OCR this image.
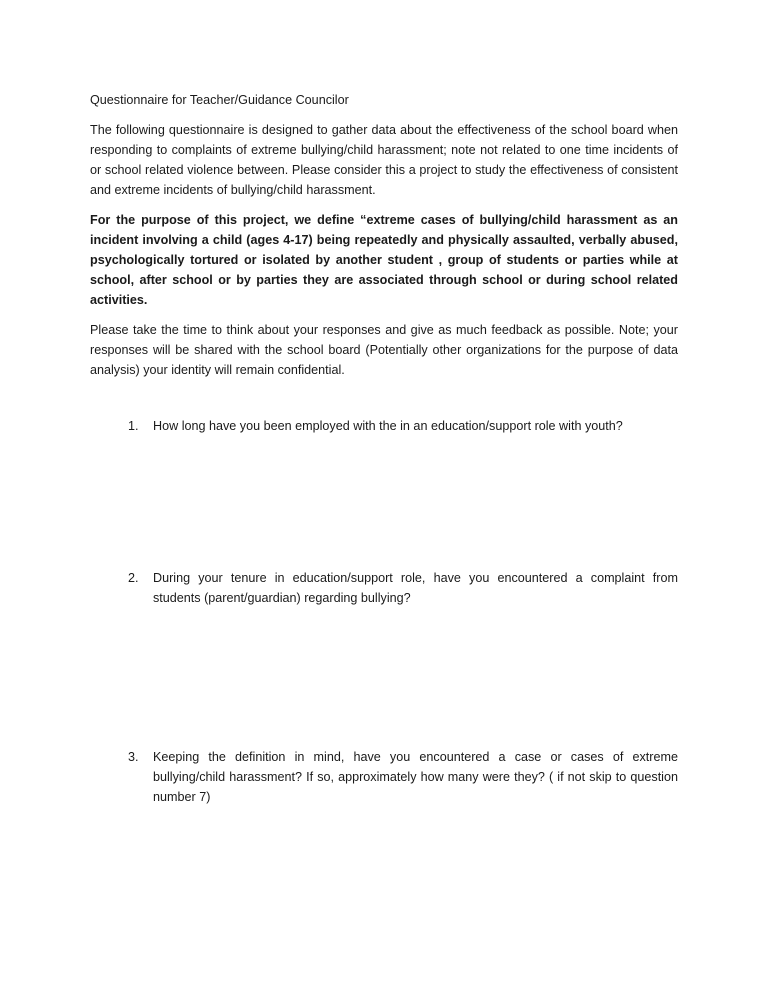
Questionnaire for Teacher/Guidance Councilor

The following questionnaire is designed to gather data about the effectiveness of the school board when responding to complaints of extreme bullying/child harassment; note not related to one time incidents of or school related violence between. Please consider this a project to study the effectiveness of consistent and extreme incidents of bullying/child harassment.

For the purpose of this project, we define “extreme cases of bullying/child harassment as an incident involving a child (ages 4-17) being repeatedly and physically assaulted, verbally abused, psychologically tortured or isolated by another student , group of students or parties while at school, after school or by parties they are associated through school or during school related activities.

Please take the time to think about your responses and give as much feedback as possible. Note; your responses will be shared with the school board (Potentially other organizations for the purpose of data analysis) your identity will remain confidential.

1.	How long have you been employed with the in an education/support role with youth?
2.	During your tenure in education/support role, have you encountered a complaint from students (parent/guardian) regarding bullying?
3.	Keeping the definition in mind, have you encountered a case or cases of extreme bullying/child harassment? If so, approximately how many were they? ( if not skip to question number 7)
